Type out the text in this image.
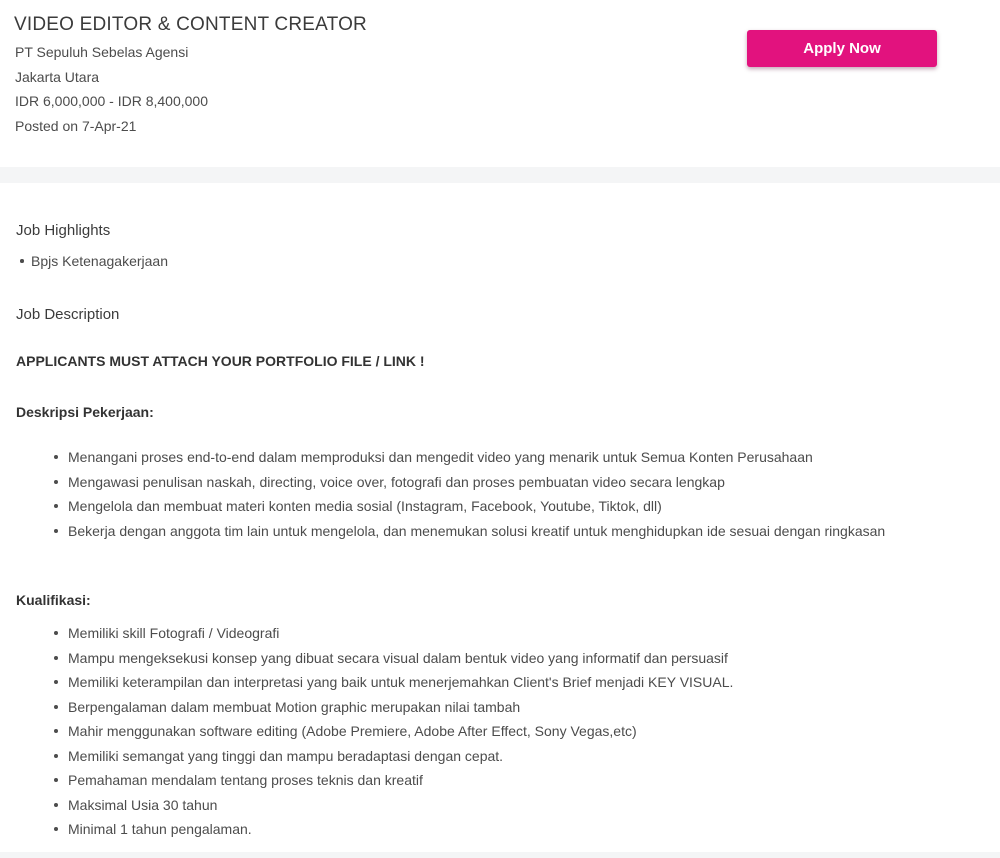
VIDEO EDITOR & CONTENT CREATOR

PT Sepuluh Sebelas Agensi

Jakarta Utara

IDR 6,000,000 - IDR 8,400,000

Posted on 7-Apr-21

Apply Now
Job Highlights
Bpjs Ketenagakerjaan
Job Description

APPLICANTS MUST ATTACH YOUR PORTFOLIO FILE / LINK !

Deskripsi Pekerjaan:

Menangani proses end-to-end dalam memproduksi dan mengedit video yang menarik untuk Semua Konten Perusahaan
Mengawasi penulisan naskah, directing, voice over, fotografi dan proses pembuatan video secara lengkap
Mengelola dan membuat materi konten media sosial (Instagram, Facebook, Youtube, Tiktok, dll)
Bekerja dengan anggota tim lain untuk mengelola, dan menemukan solusi kreatif untuk menghidupkan ide sesuai dengan ringkasan

Kualifikasi:

Memiliki skill Fotografi / Videografi
Mampu mengeksekusi konsep yang dibuat secara visual dalam bentuk video yang informatif dan persuasif
Memiliki keterampilan dan interpretasi yang baik untuk menerjemahkan Client's Brief menjadi KEY VISUAL.
Berpengalaman dalam membuat Motion graphic merupakan nilai tambah
Mahir menggunakan software editing (Adobe Premiere, Adobe After Effect, Sony Vegas,etc)
Memiliki semangat yang tinggi dan mampu beradaptasi dengan cepat.
Pemahaman mendalam tentang proses teknis dan kreatif
Maksimal Usia 30 tahun
Minimal 1 tahun pengalaman.
